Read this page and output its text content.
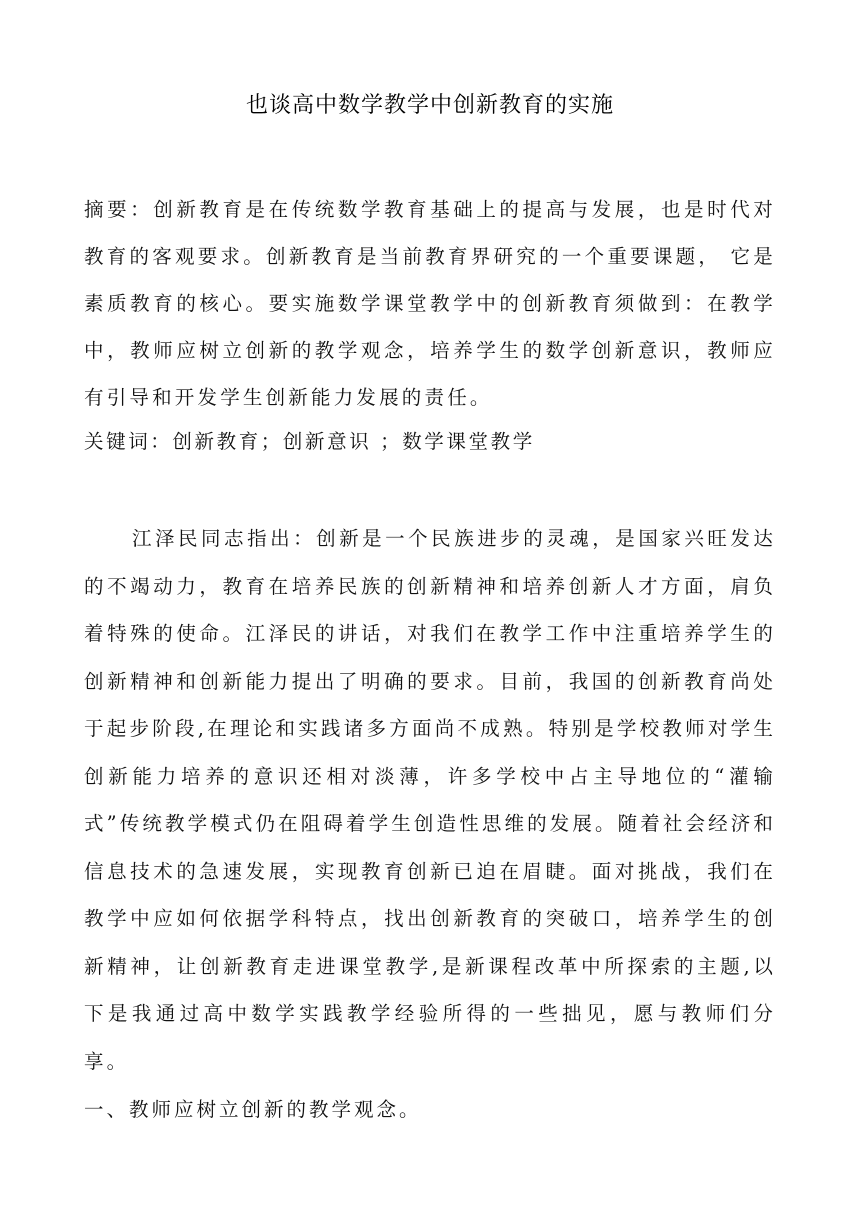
也谈高中数学教学中创新教育的实施
摘要：创新教育是在传统数学教育基础上的提高与发展，也是时代对教育的客观要求。创新教育是当前教育界研究的一个重要课题， 它是素质教育的核心。要实施数学课堂教学中的创新教育须做到：在教学中，教师应树立创新的教学观念，培养学生的数学创新意识，教师应有引导和开发学生创新能力发展的责任。
关键词：创新教育；创新意识 ；数学课堂教学
江泽民同志指出：创新是一个民族进步的灵魂，是国家兴旺发达的不竭动力，教育在培养民族的创新精神和培养创新人才方面，肩负着特殊的使命。江泽民的讲话，对我们在教学工作中注重培养学生的创新精神和创新能力提出了明确的要求。目前，我国的创新教育尚处于起步阶段,在理论和实践诸多方面尚不成熟。特别是学校教师对学生创新能力培养的意识还相对淡薄，许多学校中占主导地位的“灌输式”传统教学模式仍在阻碍着学生创造性思维的发展。随着社会经济和信息技术的急速发展，实现教育创新已迫在眉睫。面对挑战，我们在教学中应如何依据学科特点，找出创新教育的突破口，培养学生的创新精神，让创新教育走进课堂教学,是新课程改革中所探索的主题,以下是我通过高中数学实践教学经验所得的一些拙见，愿与教师们分享。
一、教师应树立创新的教学观念。
